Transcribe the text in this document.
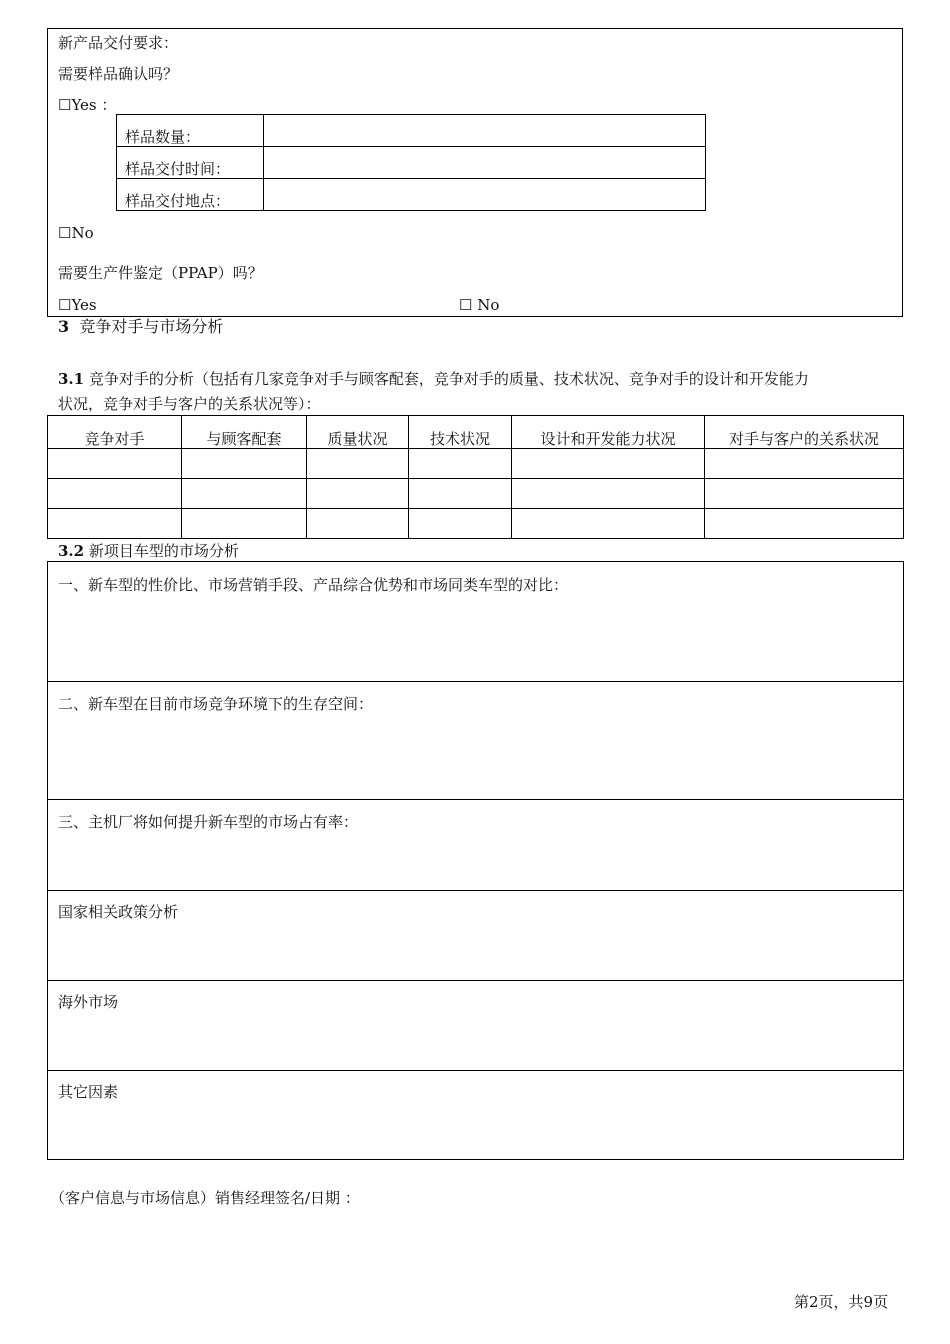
新产品交付要求：
需要样品确认吗？
☐Yes ：
样品数量：	
样品交付时间：	
样品交付地点：	
☐No
需要生产件鉴定（PPAP）吗？
☐Yes	☐ No
3 竞争对手与市场分析
3.1 竞争对手的分析（包括有几家竞争对手与顾客配套，竞争对手的质量、技术状况、竞争对手的设计和开发能力
状况，竞争对手与客户的关系状况等）：
竞争对手	与顾客配套	质量状况	技术状况	设计和开发能力状况	对手与客户的关系状况

3.2 新项目车型的市场分析
一、新车型的性价比、市场营销手段、产品综合优势和市场同类车型的对比：
二、新车型在目前市场竞争环境下的生存空间：
三、主机厂将如何提升新车型的市场占有率：
国家相关政策分析
海外市场
其它因素
（客户信息与市场信息）销售经理签名/日期 ：
第2页，共9页
